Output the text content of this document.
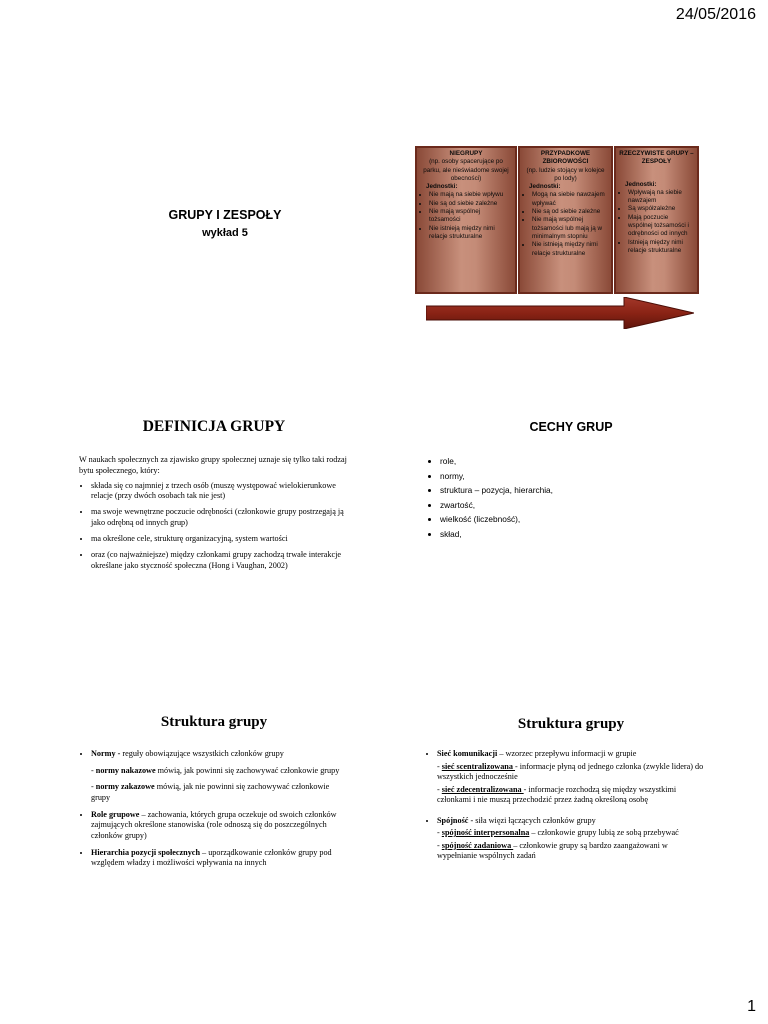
24/05/2016
GRUPY I ZESPOŁY
wykład 5
NIEGRUPY
(np. osoby spacerujące po parku, ale nieświadome swojej obecności)
Jednostki:
• Nie mają na siebie wpływu
• Nie są od siebie zależne
• Nie mają wspólnej tożsamości
• Nie istnieją między nimi relacje strukturalne
PRZYPADKOWE ZBIOROWOŚCI
(np. ludzie stojący w kolejce po lody)
Jednostki:
• Mogą na siebie nawzajem wpływać
• Nie są od siebie zależne
• Nie mają wspólnej tożsamości lub mają ją w minimalnym stopniu
• Nie istnieją między nimi relacje strukturalne
RZECZYWISTE GRUPY – ZESPOŁY
Jednostki:
• Wpływają na siebie nawzajem
• Są współzależne
• Mają poczucie wspólnej tożsamości i odrębności od innych
• Istnieją między nimi relacje strukturalne
DEFINICJA GRUPY
W naukach społecznych za zjawisko grupy społecznej uznaje się tylko taki rodzaj bytu społecznego, który:
• składa się co najmniej z trzech osób (muszę występować wielokierunkowe relacje (przy dwóch osobach tak nie jest)
• ma swoje wewnętrzne poczucie odrębności (członkowie grupy postrzegają ją jako odrębną od innych grup)
• ma określone cele, strukturę organizacyjną, system wartości
• oraz (co najważniejsze) między członkami grupy zachodzą trwałe interakcje określane jako styczność społeczna (Hong i Vaughan, 2002)
CECHY GRUP
• role,
• normy,
• struktura – pozycja, hierarchia,
• zwartość,
• wielkość (liczebność),
• skład,
Struktura grupy
• Normy - reguły obowiązujące wszystkich członków grupy
- normy nakazowe mówią, jak powinni się zachowywać członkowie grupy
- normy zakazowe mówią, jak nie powinni się zachowywać członkowie grupy
• Role grupowe – zachowania, których grupa oczekuje od swoich członków zajmujących określone stanowiska (role odnoszą się do poszczególnych członków grupy)
• Hierarchia pozycji społecznych – uporządkowanie członków grupy pod względem władzy i możliwości wpływania na innych
Struktura grupy
• Sieć komunikacji – wzorzec przepływu informacji w grupie
- sieć scentralizowana - informacje płyną od jednego członka (zwykle lidera) do wszystkich jednocześnie
- sieć zdecentralizowana - informacje rozchodzą się między wszystkimi członkami i nie muszą przechodzić przez żadną określoną osobę
• Spójność - siła więzi łączących członków grupy
- spójność interpersonalna – członkowie grupy lubią ze sobą przebywać
- spójność zadaniowa – członkowie grupy są bardzo zaangażowani w wypełnianie wspólnych zadań
1
